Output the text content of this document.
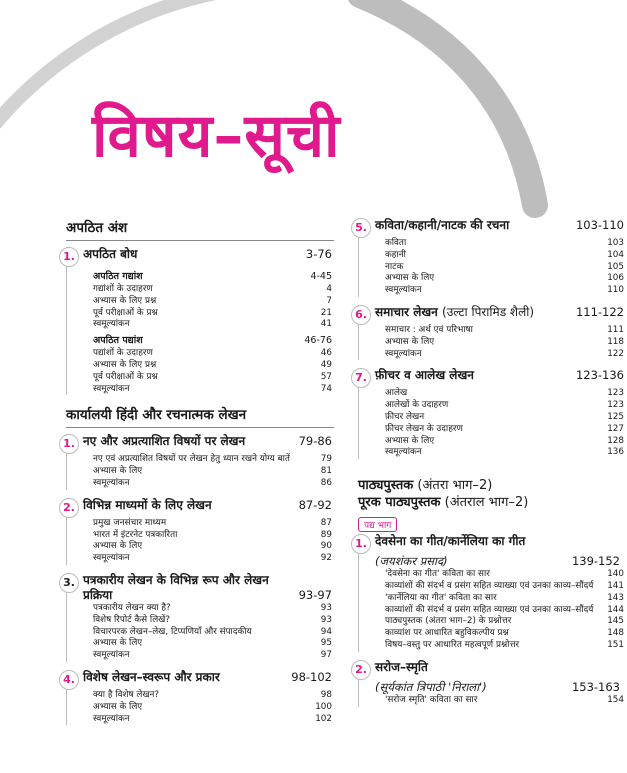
विषय–सूची
अपठित अंश
1. अपठित बोध	3-76
अपठित गद्यांश	4-45
गद्यांशों के उदाहरण	4
अभ्यास के लिए प्रश्न	7
पूर्व परीक्षाओं के प्रश्न	21
स्वमूल्यांकन	41
अपठित पद्यांश	46-76
पद्यांशों के उदाहरण	46
अभ्यास के लिए प्रश्न	49
पूर्व परीक्षाओं के प्रश्न	57
स्वमूल्यांकन	74
कार्यालयी हिंदी और रचनात्मक लेखन
1. नए और अप्रत्याशित विषयों पर लेखन	79-86
नए एवं अप्रत्याशित विषयों पर लेखन हेतु ध्यान रखने योग्य बातें	79
अभ्यास के लिए	81
स्वमूल्यांकन	86
2. विभिन्न माध्यमों के लिए लेखन	87-92
प्रमुख जनसंचार माध्यम	87
भारत में इंटरनेट पत्रकारिता	89
अभ्यास के लिए	90
स्वमूल्यांकन	92
3. पत्रकारीय लेखन के विभिन्न रूप और लेखन प्रक्रिया	93-97
पत्रकारीय लेखन क्या है?	93
विशेष रिपोर्ट कैसे लिखें?	93
विचारपरक लेखन–लेख, टिप्पणियाँ और संपादकीय	94
अभ्यास के लिए	95
स्वमूल्यांकन	97
4. विशेष लेखन–स्वरूप और प्रकार	98-102
क्या है विशेष लेखन?	98
अभ्यास के लिए	100
स्वमूल्यांकन	102
5. कविता/कहानी/नाटक की रचना	103-110
कविता	103
कहानी	104
नाटक	105
अभ्यास के लिए	106
स्वमूल्यांकन	110
6. समाचार लेखन (उल्टा पिरामिड शैली)	111-122
समाचार : अर्थ एवं परिभाषा	111
अभ्यास के लिए	118
स्वमूल्यांकन	122
7. फ़ीचर व आलेख लेखन	123-136
आलेख	123
आलेखों के उदाहरण	123
फ़ीचर लेखन	125
फ़ीचर लेखन के उदाहरण	127
अभ्यास के लिए	128
स्वमूल्यांकन	136
पाठ्यपुस्तक (अंतरा भाग–2)
पूरक पाठ्यपुस्तक (अंतराल भाग–2)
पद्य भाग
1. देवसेना का गीत/कार्नेलिया का गीत
(जयशंकर प्रसाद)	139-152
'देवसेना का गीत' कविता का सार	140
काव्यांशों की संदर्भ व प्रसंग सहित व्याख्या एवं उनका काव्य–सौंदर्य 141
'कार्नेलिया का गीत' कविता का सार	143
काव्यांशों की संदर्भ व प्रसंग सहित व्याख्या एवं उनका काव्य–सौंदर्य 144
पाठ्यपुस्तक (अंतरा भाग–2) के प्रश्नोत्तर	145
काव्यांश पर आधारित बहुविकल्पीय प्रश्न	148
विषय–वस्तु पर आधारित महत्वपूर्ण प्रश्नोत्तर	151
2. सरोज–स्मृति
(सूर्यकांत त्रिपाठी 'निराला')	153-163
'सरोज स्मृति' कविता का सार	154
